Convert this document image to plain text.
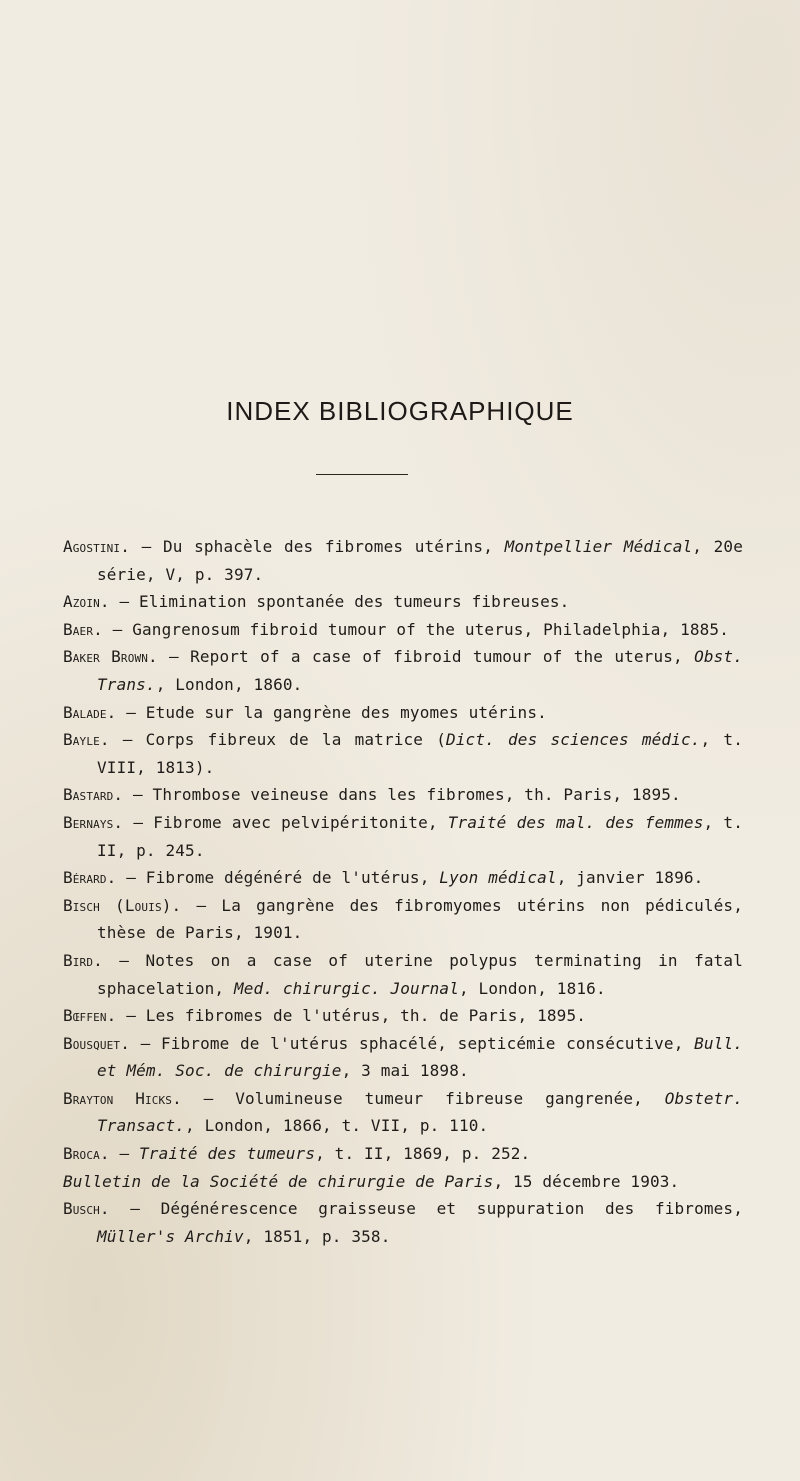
INDEX BIBLIOGRAPHIQUE

Agostini. — Du sphacèle des fibromes utérins, Montpellier Médical, 20e série, V, p. 397.

Azoin. — Elimination spontanée des tumeurs fibreuses.

Baer. — Gangrenosum fibroid tumour of the uterus, Philadelphia, 1885.

Baker Brown. — Report of a case of fibroid tumour of the uterus, Obst. Trans., London, 1860.

Balade. — Etude sur la gangrène des myomes utérins.

Bayle. — Corps fibreux de la matrice (Dict. des sciences médic., t. VIII, 1813).

Bastard. — Thrombose veineuse dans les fibromes, th. Paris, 1895.

Bernays. — Fibrome avec pelvipéritonite, Traité des mal. des femmes, t. II, p. 245.

Bérard. — Fibrome dégénéré de l'utérus, Lyon médical, janvier 1896.

Bisch (Louis). — La gangrène des fibromyomes utérins non pédiculés, thèse de Paris, 1901.

Bird. — Notes on a case of uterine polypus terminating in fatal sphacelation, Med. chirurgic. Journal, London, 1816.

Bœffen. — Les fibromes de l'utérus, th. de Paris, 1895.

Bousquet. — Fibrome de l'utérus sphacélé, septicémie consécutive, Bull. et Mém. Soc. de chirurgie, 3 mai 1898.

Brayton Hicks. — Volumineuse tumeur fibreuse gangrenée, Obstetr. Transact., London, 1866, t. VII, p. 110.

Broca. — Traité des tumeurs, t. II, 1869, p. 252.

Bulletin de la Société de chirurgie de Paris, 15 décembre 1903.

Busch. — Dégénérescence graisseuse et suppuration des fibromes, Müller's Archiv, 1851, p. 358.
